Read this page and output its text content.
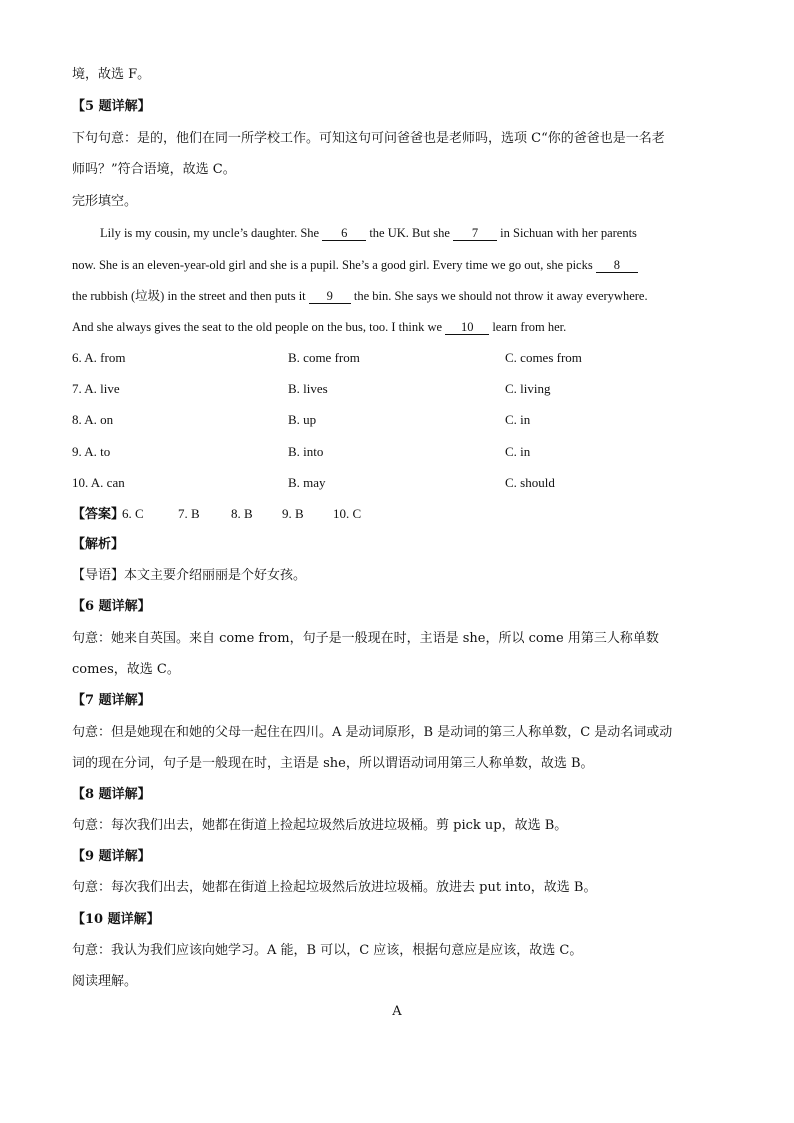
境，故选 F。
【5 题详解】
下句句意：是的，他们在同一所学校工作。可知这句可问爸爸也是老师吗，选项 C“你的爸爸也是一名老
师吗？”符合语境，故选 C。
完形填空。
Lily is my cousin, my uncle’s daughter. She 6 the UK. But she 7 in Sichuan with her parents
now. She is an eleven-year-old girl and she is a pupil. She’s a good girl. Every time we go out, she picks 8
the rubbish (垃圾) in the street and then puts it 9 the bin. She says we should not throw it away everywhere.
And she always gives the seat to the old people on the bus, too. I think we 10 learn from her.
6. A. from	B. come from	C. comes from
7. A. live	B. lives	C. living
8. A. on	B. up	C. in
9. A. to	B. into	C. in
10. A. can	B. may	C. should
【答案】
6. C	7. B 8. B 9. B 10. C
【解析】
【导语】本文主要介绍丽丽是个好女孩。
【6 题详解】
句意：她来自英国。来自 come from，句子是一般现在时，主语是 she，所以 come 用第三人称单数
comes，故选 C。
【7 题详解】
句意：但是她现在和她的父母一起住在四川。A 是动词原形，B 是动词的第三人称单数，C 是动名词或动
词的现在分词，句子是一般现在时，主语是 she，所以谓语动词用第三人称单数，故选 B。
【8 题详解】
句意：每次我们出去，她都在街道上捡起垃圾然后放进垃圾桶。剪 pick up，故选 B。
【9 题详解】
句意：每次我们出去，她都在街道上捡起垃圾然后放进垃圾桶。放进去 put into，故选 B。
【10 题详解】
句意：我认为我们应该向她学习。A 能，B 可以，C 应该，根据句意应是应该，故选 C。
阅读理解。
A
